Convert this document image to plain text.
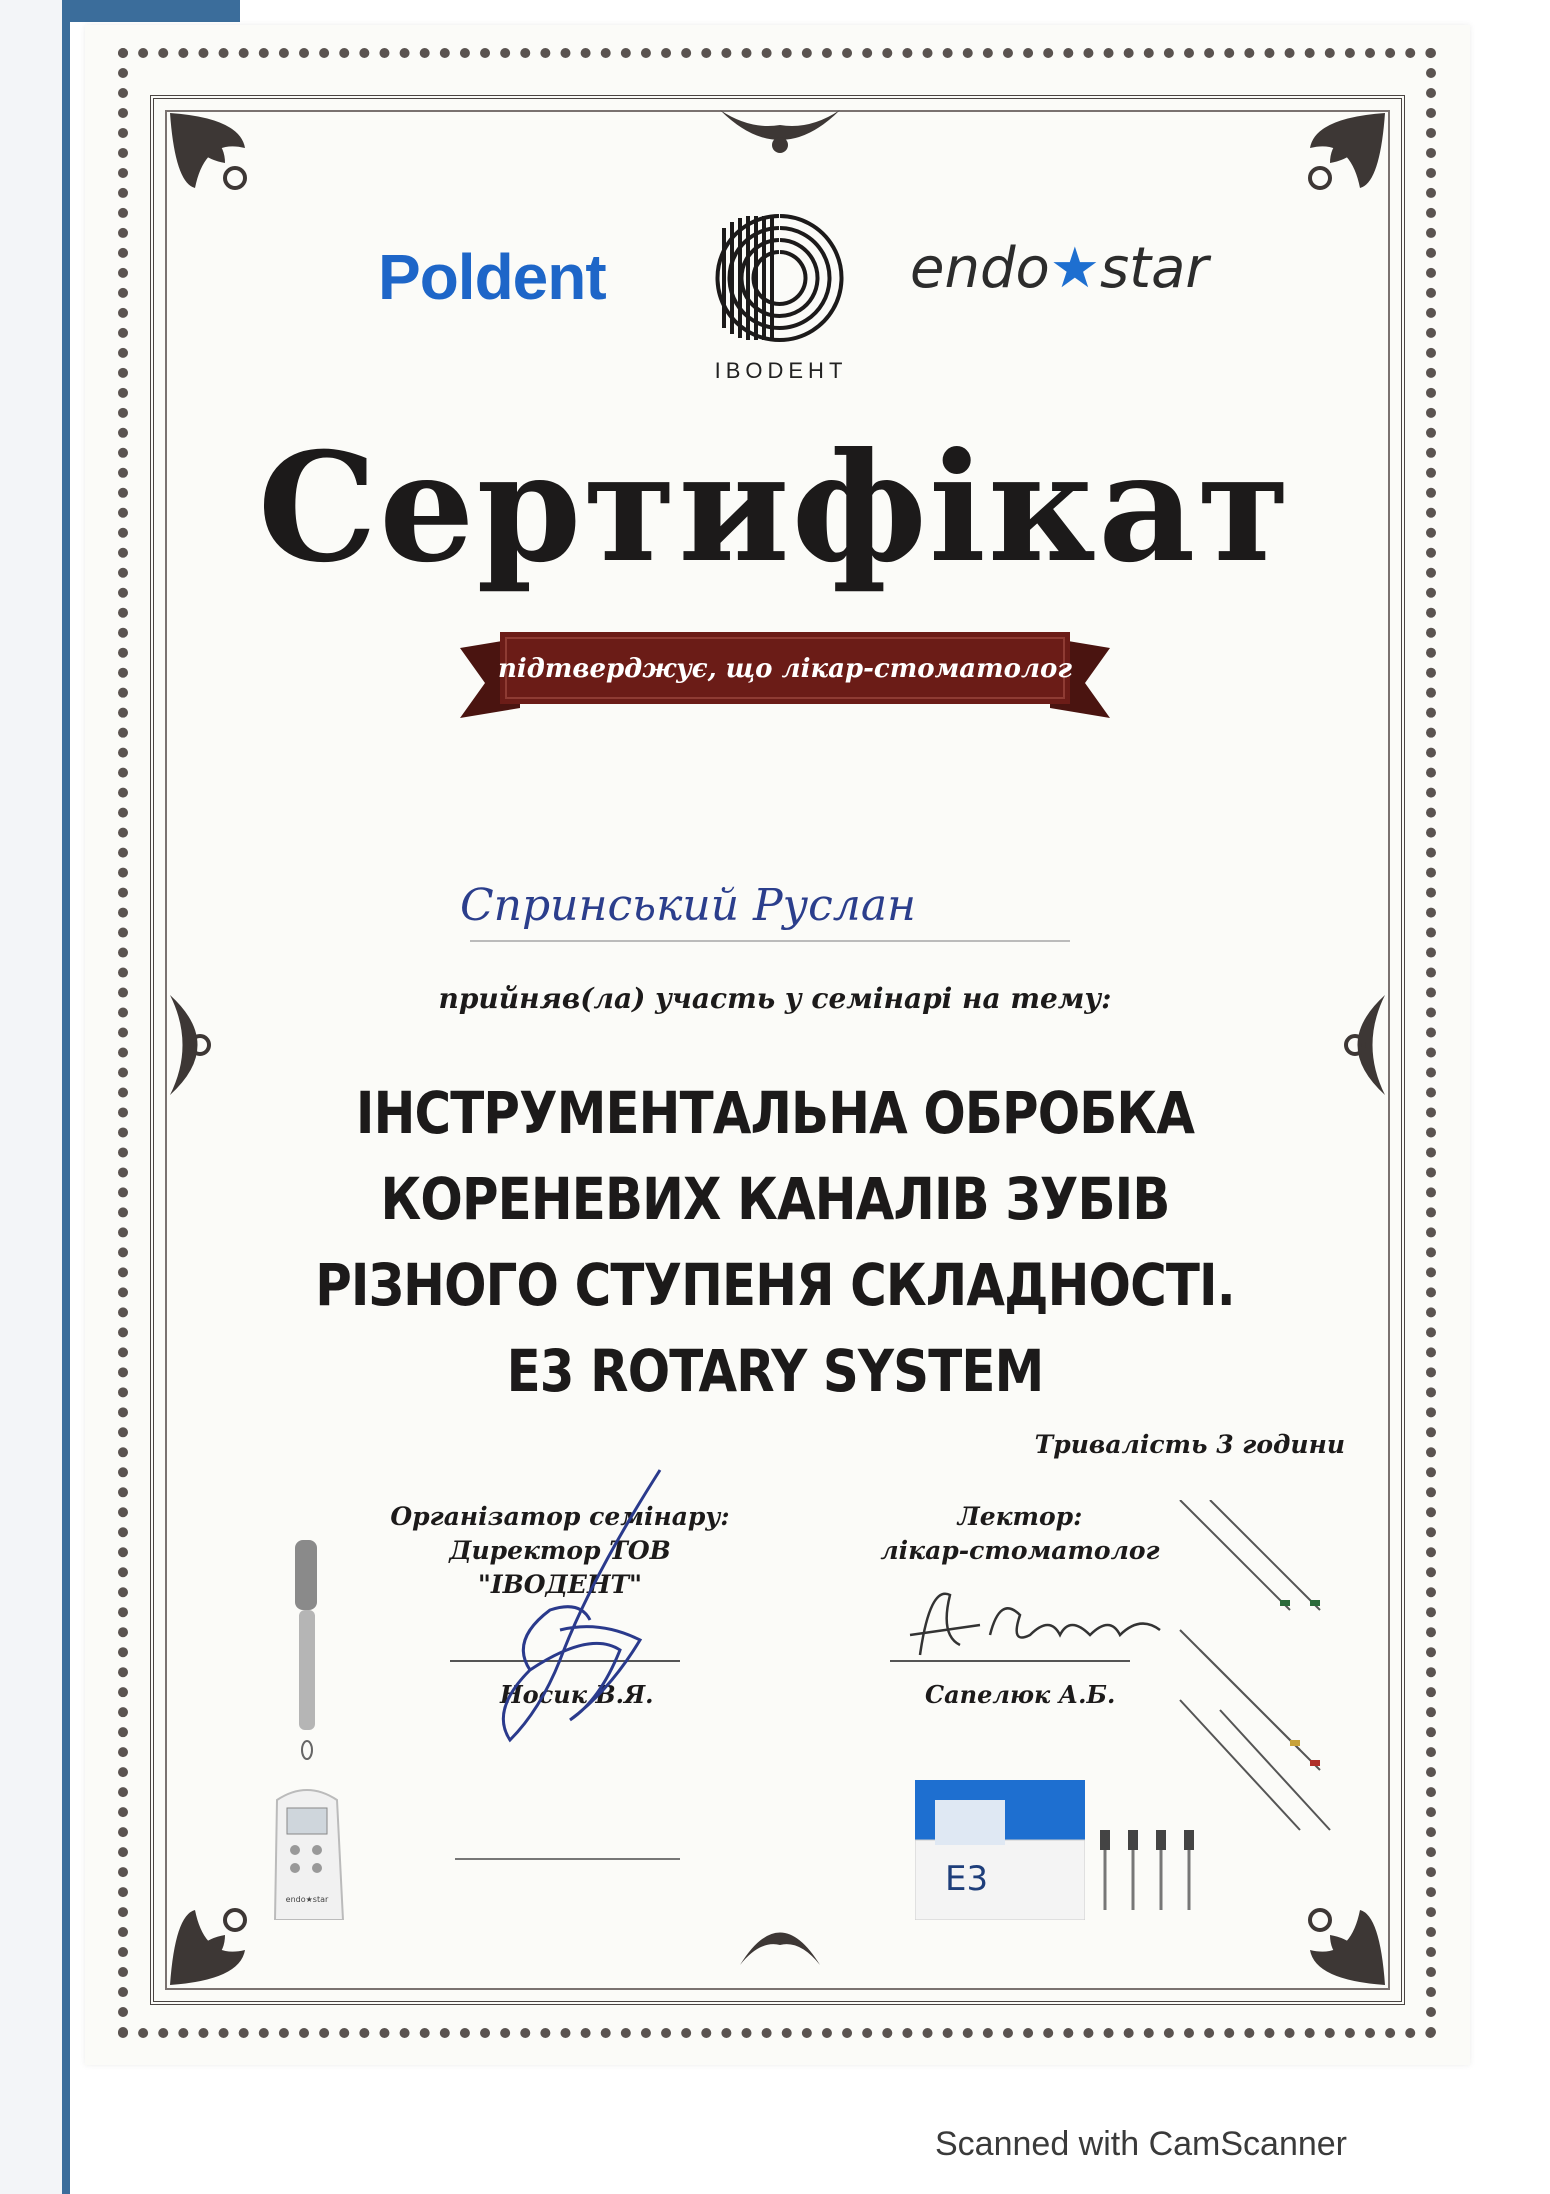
Poldent
IBODEHT
endo★star
Сертифікат
підтверджує, що лікар-стоматолог
Спринський Руслан
прийняв(ла) участь у семінарі на тему:
ІНСТРУМЕНТАЛЬНА ОБРОБКА
КОРЕНЕВИХ КАНАЛІВ ЗУБІВ
РІЗНОГО СТУПЕНЯ СКЛАДНОСТІ.
E3 ROTARY SYSTEM
Тривалість 3 години
Організатор семінару:
Директор ТОВ "ІВОДЕНТ"
Носик В.Я.
Лектор:
лікар-стоматолог
Сапелюк А.Б.
endo★star
E3
Scanned with CamScanner
